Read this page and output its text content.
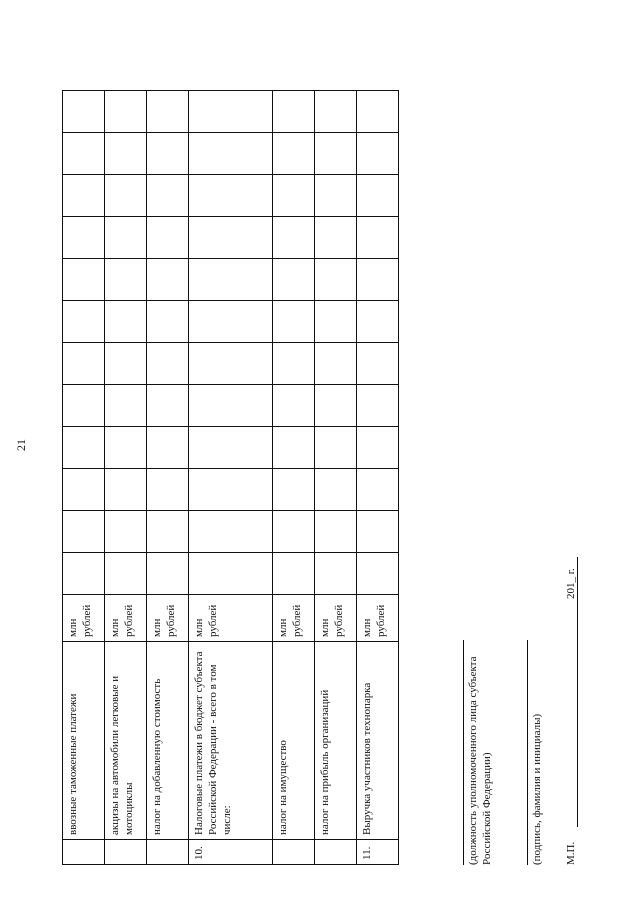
21
	ввозные таможенные платежи	млн рублей												
	акцизы на автомобили легковые и мотоциклы	млн рублей												
	налог на добавленную стоимость	млн рублей												
10.	Налоговые платежи в бюджет субъекта Российской Федерации - всего в том числе:	млн рублей												
	налог на имущество	млн рублей												
	налог на прибыль организаций	млн рублей												
11.	Выручка участников технопарка	млн рублей												
(должность уполномоченного лица субъекта Российской Федерации)	(подпись, фамилия и инициалы) М.П.
201_ г.
